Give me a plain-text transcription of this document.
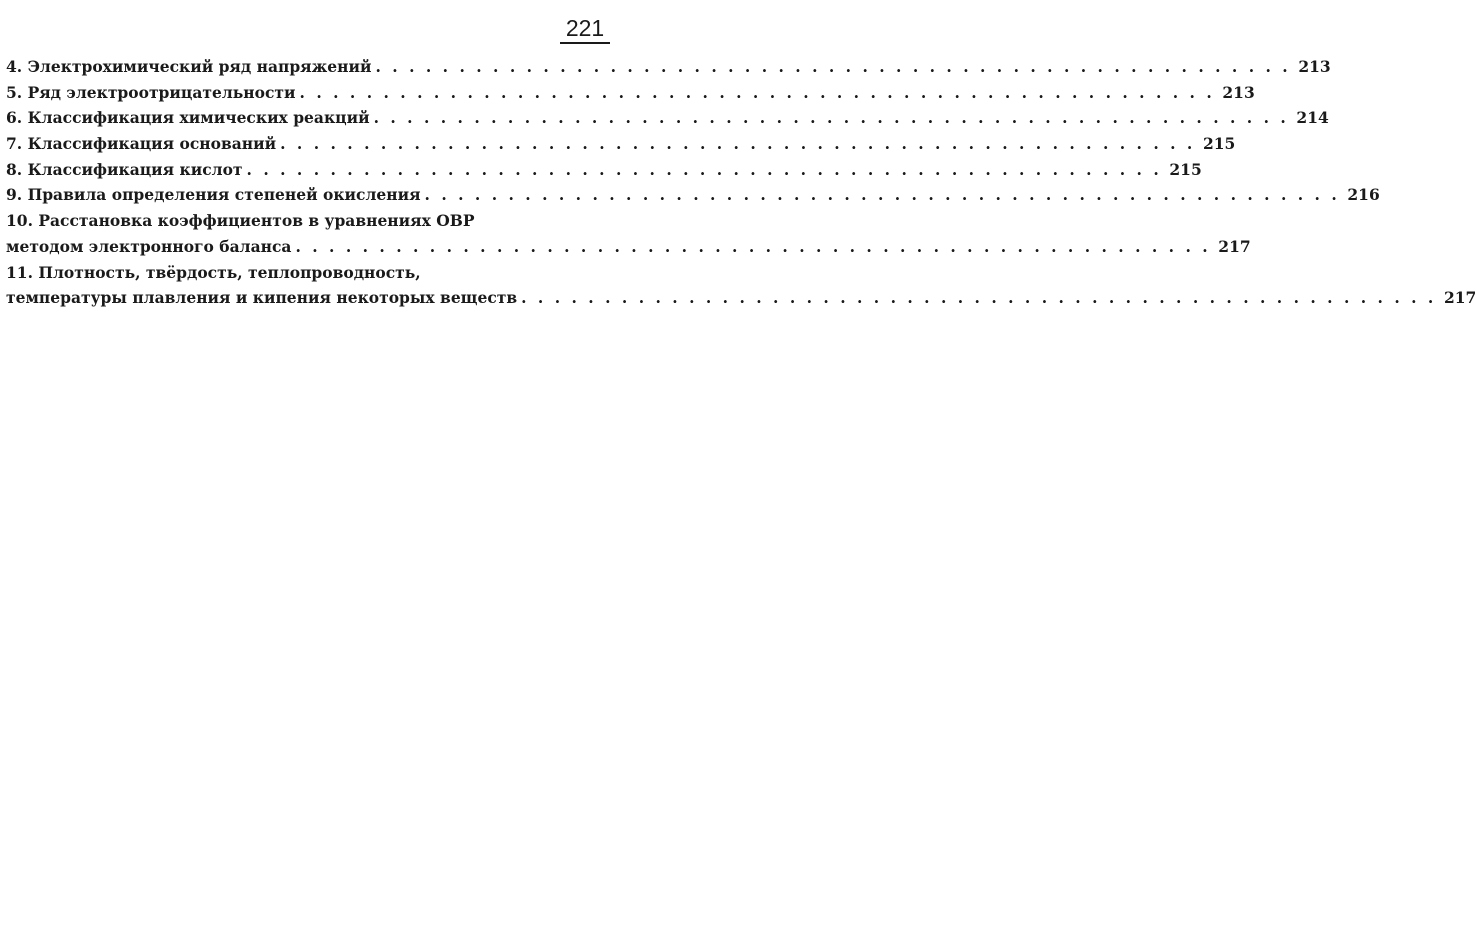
221
4. Электрохимический ряд напряжений . . . . . . . . . . . . . . . . . . . . . . . . . . . . . . . . . . . . . . . . . . . . . . . . . . . . . . . 213
5. Ряд электроотрицательности . . . . . . . . . . . . . . . . . . . . . . . . . . . . . . . . . . . . . . . . . . . . . . . . . . . . . . . 213
6. Классификация химических реакций . . . . . . . . . . . . . . . . . . . . . . . . . . . . . . . . . . . . . . . . . . . . . . . . . . . . . . . 214
7. Классификация оснований . . . . . . . . . . . . . . . . . . . . . . . . . . . . . . . . . . . . . . . . . . . . . . . . . . . . . . . 215
8. Классификация кислот . . . . . . . . . . . . . . . . . . . . . . . . . . . . . . . . . . . . . . . . . . . . . . . . . . . . . . . 215
9. Правила определения степеней окисления . . . . . . . . . . . . . . . . . . . . . . . . . . . . . . . . . . . . . . . . . . . . . . . . . . . . . . . 216
10. Расстановка коэффициентов в уравнениях ОВР
методом электронного баланса . . . . . . . . . . . . . . . . . . . . . . . . . . . . . . . . . . . . . . . . . . . . . . . . . . . . . . . 217
11. Плотность, твёрдость, теплопроводность,
температуры плавления и кипения некоторых веществ . . . . . . . . . . . . . . . . . . . . . . . . . . . . . . . . . . . . . . . . . . . . . . . . . . . . . . . 217
